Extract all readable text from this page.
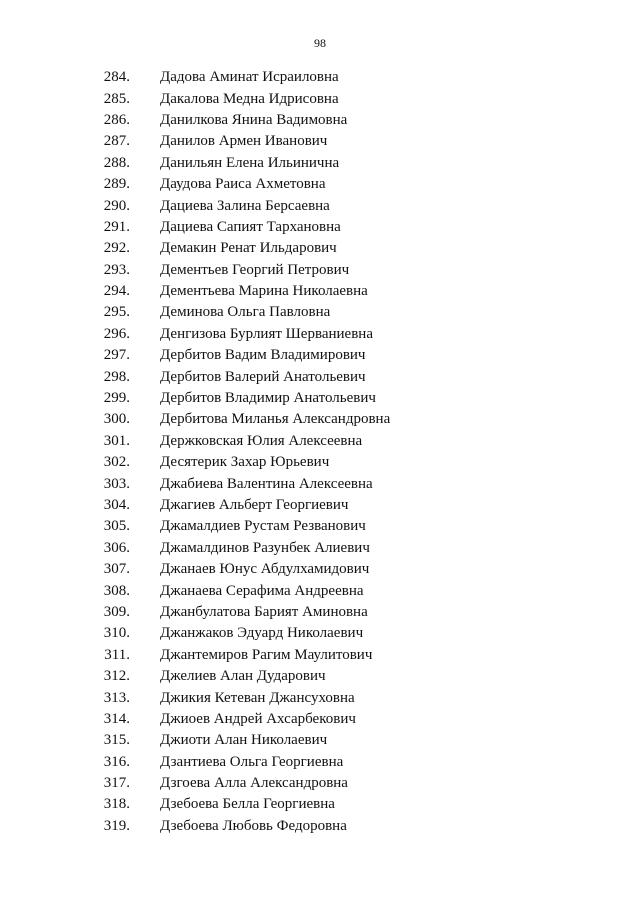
98
284. Дадова Аминат Исраиловна
285. Дакалова Медна Идрисовна
286. Данилкова Янина Вадимовна
287. Данилов Армен Иванович
288. Данильян Елена Ильинична
289. Даудова Раиса Ахметовна
290. Дациева Залина Берсаевна
291. Дациева Сапият Тархановна
292. Демакин Ренат Ильдарович
293. Дементьев Георгий Петрович
294. Дементьева Марина Николаевна
295. Деминова Ольга Павловна
296. Денгизова Бурлият Шерваниевна
297. Дербитов Вадим Владимирович
298. Дербитов Валерий Анатольевич
299. Дербитов Владимир Анатольевич
300. Дербитова Миланья Александровна
301. Держковская Юлия Алексеевна
302. Десятерик Захар Юрьевич
303. Джабиева Валентина Алексеевна
304. Джагиев Альберт Георгиевич
305. Джамалдиев Рустам Резванович
306. Джамалдинов Разунбек Алиевич
307. Джанаев Юнус Абдулхамидович
308. Джанаева Серафима Андреевна
309. Джанбулатова Барият Аминовна
310. Джанжаков Эдуард Николаевич
311. Джантемиров Рагим Маулитович
312. Джелиев Алан Дударович
313. Джикия Кетеван Джансуховна
314. Джиоев Андрей Ахсарбекович
315. Джиоти Алан Николаевич
316. Дзантиева Ольга Георгиевна
317. Дзгоева Алла Александровна
318. Дзебоева Белла Георгиевна
319. Дзебоева Любовь Федоровна
